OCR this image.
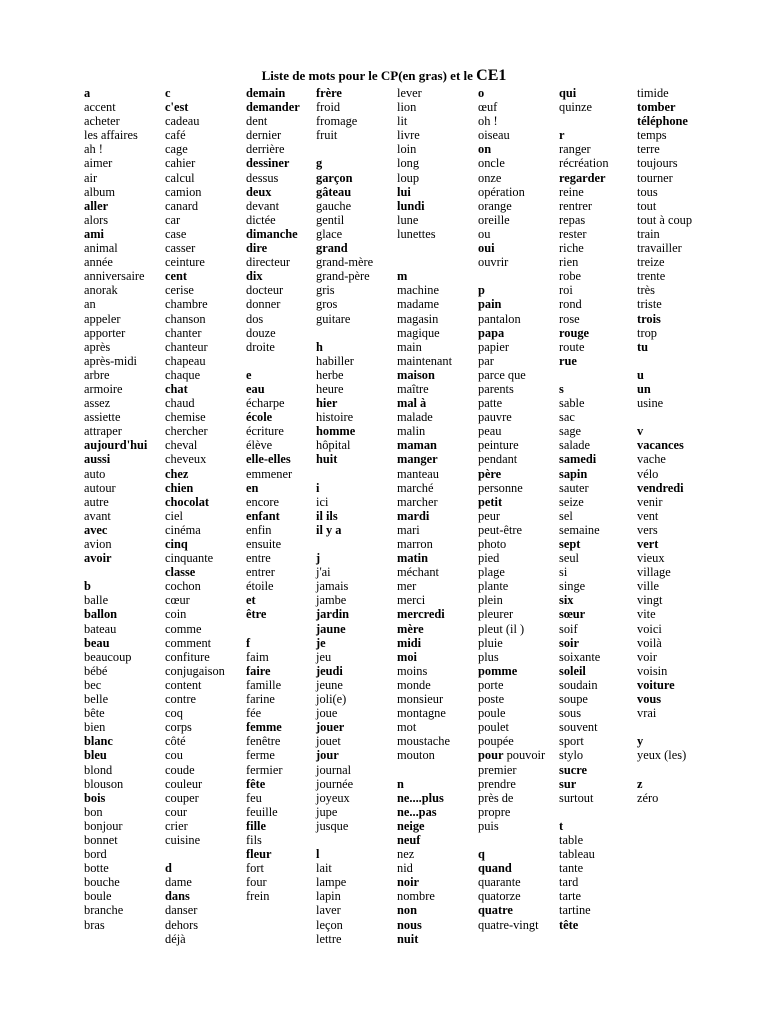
Liste de mots pour le CP(en gras) et le CE1
a
accent
acheter
les affaires
ah !
aimer
air
album
aller
alors
ami
animal
année
anniversaire
anorak
an
appeler
apporter
après
après-midi
arbre
armoire
assez
assiette
attraper
aujourd'hui
aussi
auto
autour
autre
avant
avec
avion
avoir

b
balle
ballon
bateau
beau
beaucoup
bébé
bec
belle
bête
bien
blanc
bleu
blond
blouson
bois
bon
bonjour
bonnet
bord
botte
bouche
boule
branche
bras
c
c'est
cadeau
café
cage
cahier
calcul
camion
canard
car
case
casser
ceinture
cent
cerise
chambre
chanson
chanter
chanteur
chapeau
chaque
chat
chaud
chemise
chercher
cheval
cheveux
chez
chien
chocolat
ciel
cinéma
cinq
cinquante
classe
cochon
cœur
coin
comme
comment
confiture
conjugaison
content
contre
coq
corps
côté
cou
coude
couleur
couper
cour
crier
cuisine

d
dame
dans
danser
dehors
déjà
demain
demander
dent
dernier
derrière
dessiner
dessus
deux
devant
dictée
dimanche
dire
directeur
dix
docteur
donner
dos
douze
droite

e
eau
écharpe
école
écriture
élève
elle-elles
emmener
en
encore
enfant
enfin
ensuite
entre
entrer
étoile
et
être

f
faim
faire
famille
farine
fée
femme
fenêtre
ferme
fermier
fête
feu
feuille
fille
fils
fleur
fort
four
frein
frère
froid
fromage
fruit

g
garçon
gâteau
gauche
gentil
glace
grand
grand-mère
grand-père
gris
gros
guitare

h
habiller
herbe
heure
hier
histoire
homme
hôpital
huit

i
ici
il ils
il y a

j
j'ai
jamais
jambe
jardin
jaune
je
jeu
jeudi
jeune
joli(e)
joue
jouer
jouet
jour
journal
journée
joyeux
jupe
jusque

l
lait
lampe
lapin
laver
leçon
lettre
lever
lion
lit
livre
loin
long
loup
lui
lundi
lune
lunettes

m
machine
madame
magasin
magique
main
maintenant
maison
maître
mal à
malade
malin
maman
manger
manteau
marché
marcher
mardi
mari
marron
matin
méchant
mer
merci
mercredi
mère
midi
moi
moins
monde
monsieur
montagne
mot
moustache
mouton

n
ne....plus
ne...pas
neige
neuf
nez
nid
noir
nombre
non
nous
nuit
o
œuf
oh !
oiseau
on
oncle
onze
opération
orange
oreille
ou
oui
ouvrir

p
pain
pantalon
papa
papier
par
parce que
parents
patte
pauvre
peau
peinture
pendant
père
personne
petit
peur
peut-être
photo
pied
plage
plante
plein
pleurer
pleut (il )
pluie
plus
pomme
porte
poste
poule
poulet
poupée
pour pouvoir
premier
prendre
près de
propre
puis

q
quand
quarante
quatorze
quatre
quatre-vingt
qui
quinze

r
ranger
récréation
regarder
reine
rentrer
repas
rester
riche
rien
robe
roi
rond
rose
rouge
route
rue

s
sable
sac
sage
salade
samedi
sapin
sauter
seize
sel
semaine
sept
seul
si
singe
six
sœur
soif
soir
soixante
soleil
soudain
soupe
sous
souvent
sport
stylo
sucre
sur
surtout

t
table
tableau
tante
tard
tarte
tartine
tête
timide
tomber
téléphone
temps
terre
toujours
tourner
tous
tout
tout à coup
train
travailler
treize
trente
très
triste
trois
trop
tu

u
un
usine

v
vacances
vache
vélo
vendredi
venir
vent
vers
vert
vieux
village
ville
vingt
vite
voici
voilà
voir
voisin
voiture
vous
vrai

y
yeux (les)

z
zéro
